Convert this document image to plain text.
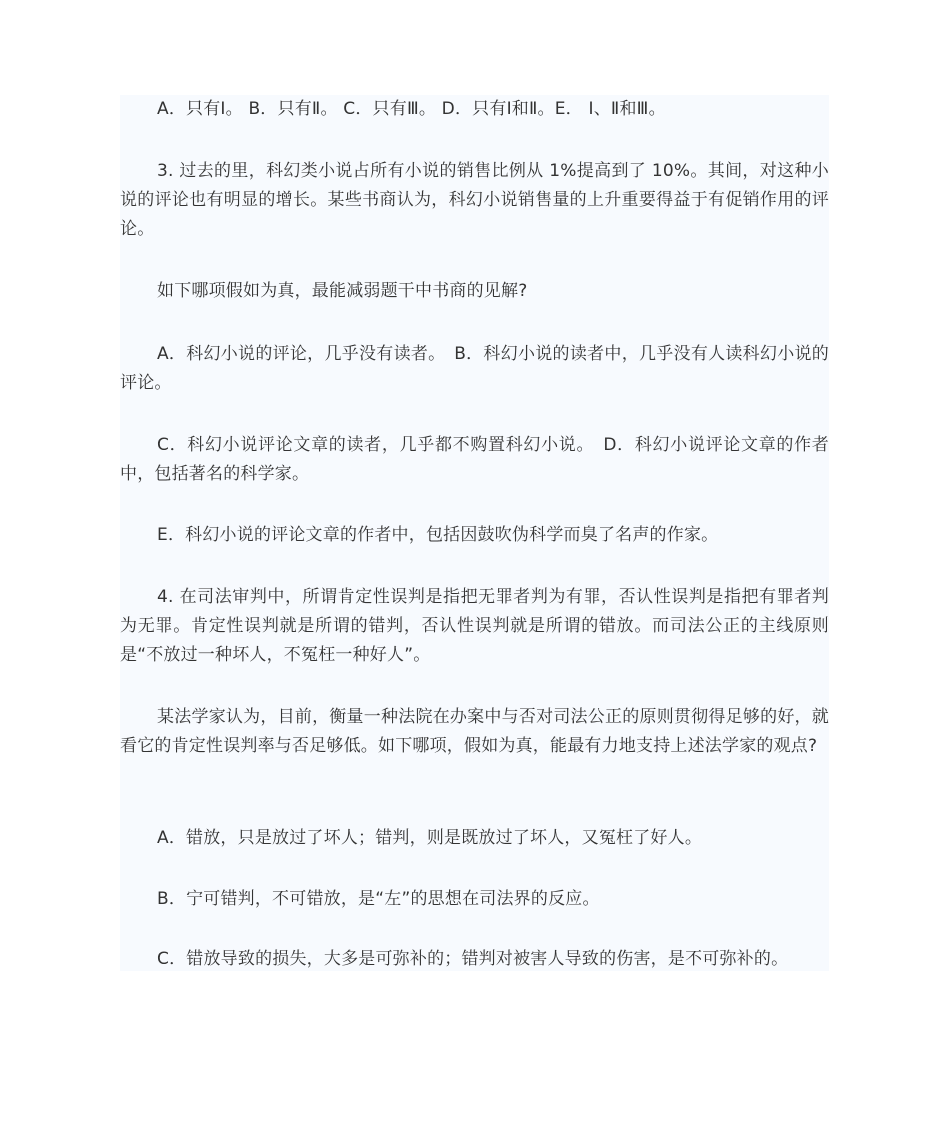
A．只有Ⅰ。 B．只有Ⅱ。 C．只有Ⅲ。 D．只有Ⅰ和Ⅱ。E． Ⅰ、Ⅱ和Ⅲ。

3. 过去的里，科幻类小说占所有小说的销售比例从 1%提高到了 10%。其间，对这种小说的评论也有明显的增长。某些书商认为，科幻小说销售量的上升重要得益于有促销作用的评论。

如下哪项假如为真，最能减弱题干中书商的见解?

A．科幻小说的评论，几乎没有读者。　B．科幻小说的读者中，几乎没有人读科幻小说的评论。

C．科幻小说评论文章的读者，几乎都不购置科幻小说。　D．科幻小说评论文章的作者中，包括著名的科学家。

E．科幻小说的评论文章的作者中，包括因鼓吹伪科学而臭了名声的作家。

4. 在司法审判中，所谓肯定性误判是指把无罪者判为有罪，否认性误判是指把有罪者判为无罪。肯定性误判就是所谓的错判，否认性误判就是所谓的错放。而司法公正的主线原则是“不放过一种坏人，不冤枉一种好人”。

某法学家认为，目前，衡量一种法院在办案中与否对司法公正的原则贯彻得足够的好，就看它的肯定性误判率与否足够低。如下哪项，假如为真，能最有力地支持上述法学家的观点?

A．错放，只是放过了坏人；错判，则是既放过了坏人，又冤枉了好人。

B．宁可错判，不可错放，是“左”的思想在司法界的反应。

C．错放导致的损失，大多是可弥补的；错判对被害人导致的伤害，是不可弥补的。
